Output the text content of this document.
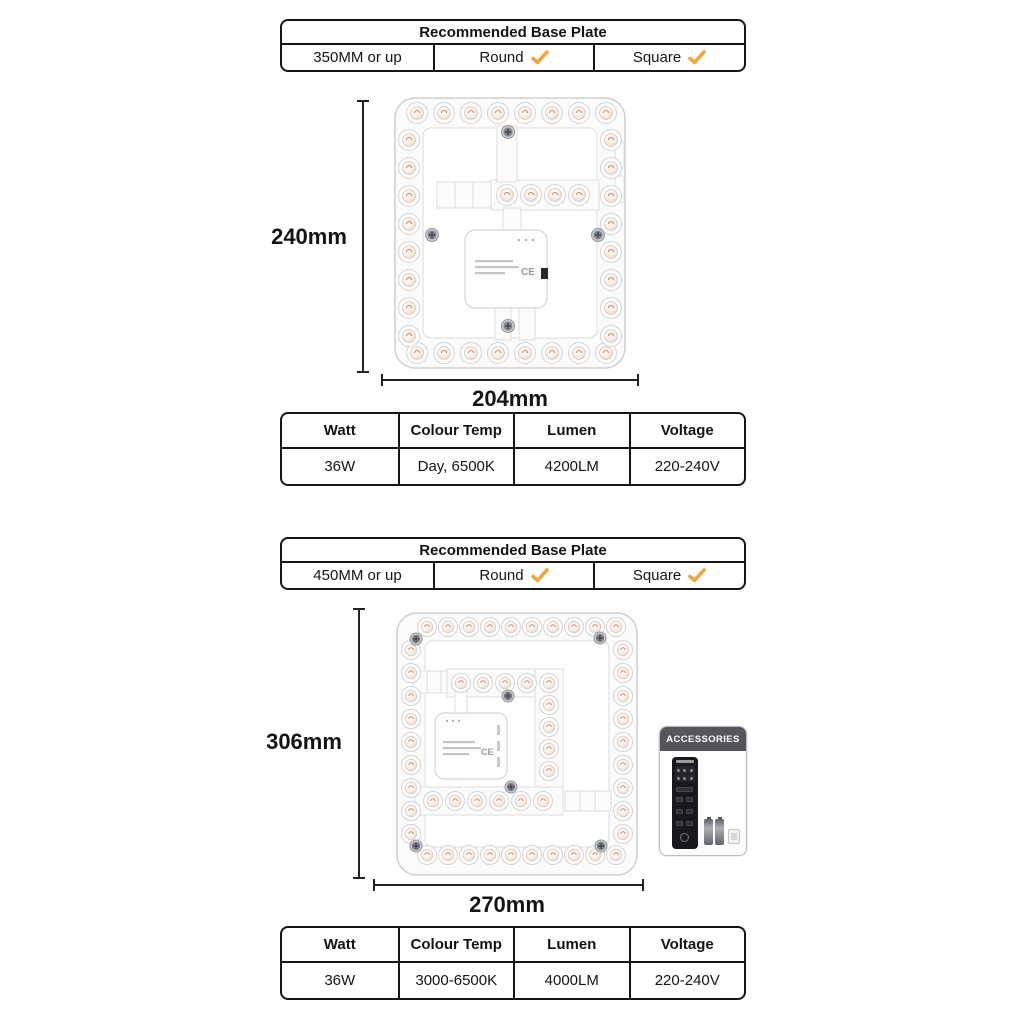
Recommended Base Plate
350MM or up	Round	Square
CE
240mm
204mm
Watt	Colour Temp	Lumen	Voltage
36W	Day, 6500K	4200LM	220-240V
Recommended Base Plate
450MM or up	Round	Square
CE
306mm
270mm
ACCESSORIES
Watt	Colour Temp	Lumen	Voltage
36W	3000-6500K	4000LM	220-240V
